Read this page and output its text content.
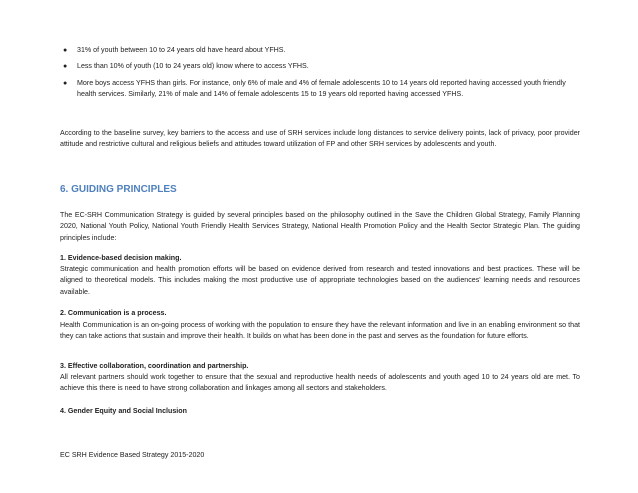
● 31% of youth between 10 to 24 years old have heard about YFHS.
● Less than 10% of youth (10 to 24 years old) know where to access YFHS.
● More boys access YFHS than girls. For instance, only 6% of male and 4% of female adolescents 10 to 14 years old reported having accessed youth friendly health services. Similarly, 21% of male and 14% of female adolescents 15 to 19 years old reported having accessed YFHS.

According to the baseline survey, key barriers to the access and use of SRH services include long distances to service delivery points, lack of privacy, poor provider attitude and restrictive cultural and religious beliefs and attitudes toward utilization of FP and other SRH services by adolescents and youth.

6. GUIDING PRINCIPLES

The EC-SRH Communication Strategy is guided by several principles based on the philosophy outlined in the Save the Children Global Strategy, Family Planning 2020, National Youth Policy, National Youth Friendly Health Services Strategy, National Health Promotion Policy and the Health Sector Strategic Plan. The guiding principles include:

1. Evidence-based decision making.

Strategic communication and health promotion efforts will be based on evidence derived from research and tested innovations and best practices. These will be aligned to theoretical models. This includes making the most productive use of appropriate technologies based on the audiences' learning needs and resources available.

2. Communication is a process.

Health Communication is an on-going process of working with the population to ensure they have the relevant information and live in an enabling environment so that they can take actions that sustain and improve their health. It builds on what has been done in the past and serves as the foundation for future efforts.

3. Effective collaboration, coordination and partnership.

All relevant partners should work together to ensure that the sexual and reproductive health needs of adolescents and youth aged 10 to 24 years old are met. To achieve this there is need to have strong collaboration and linkages among all sectors and stakeholders.

4. Gender Equity and Social Inclusion

EC SRH Evidence Based Strategy 2015-2020
